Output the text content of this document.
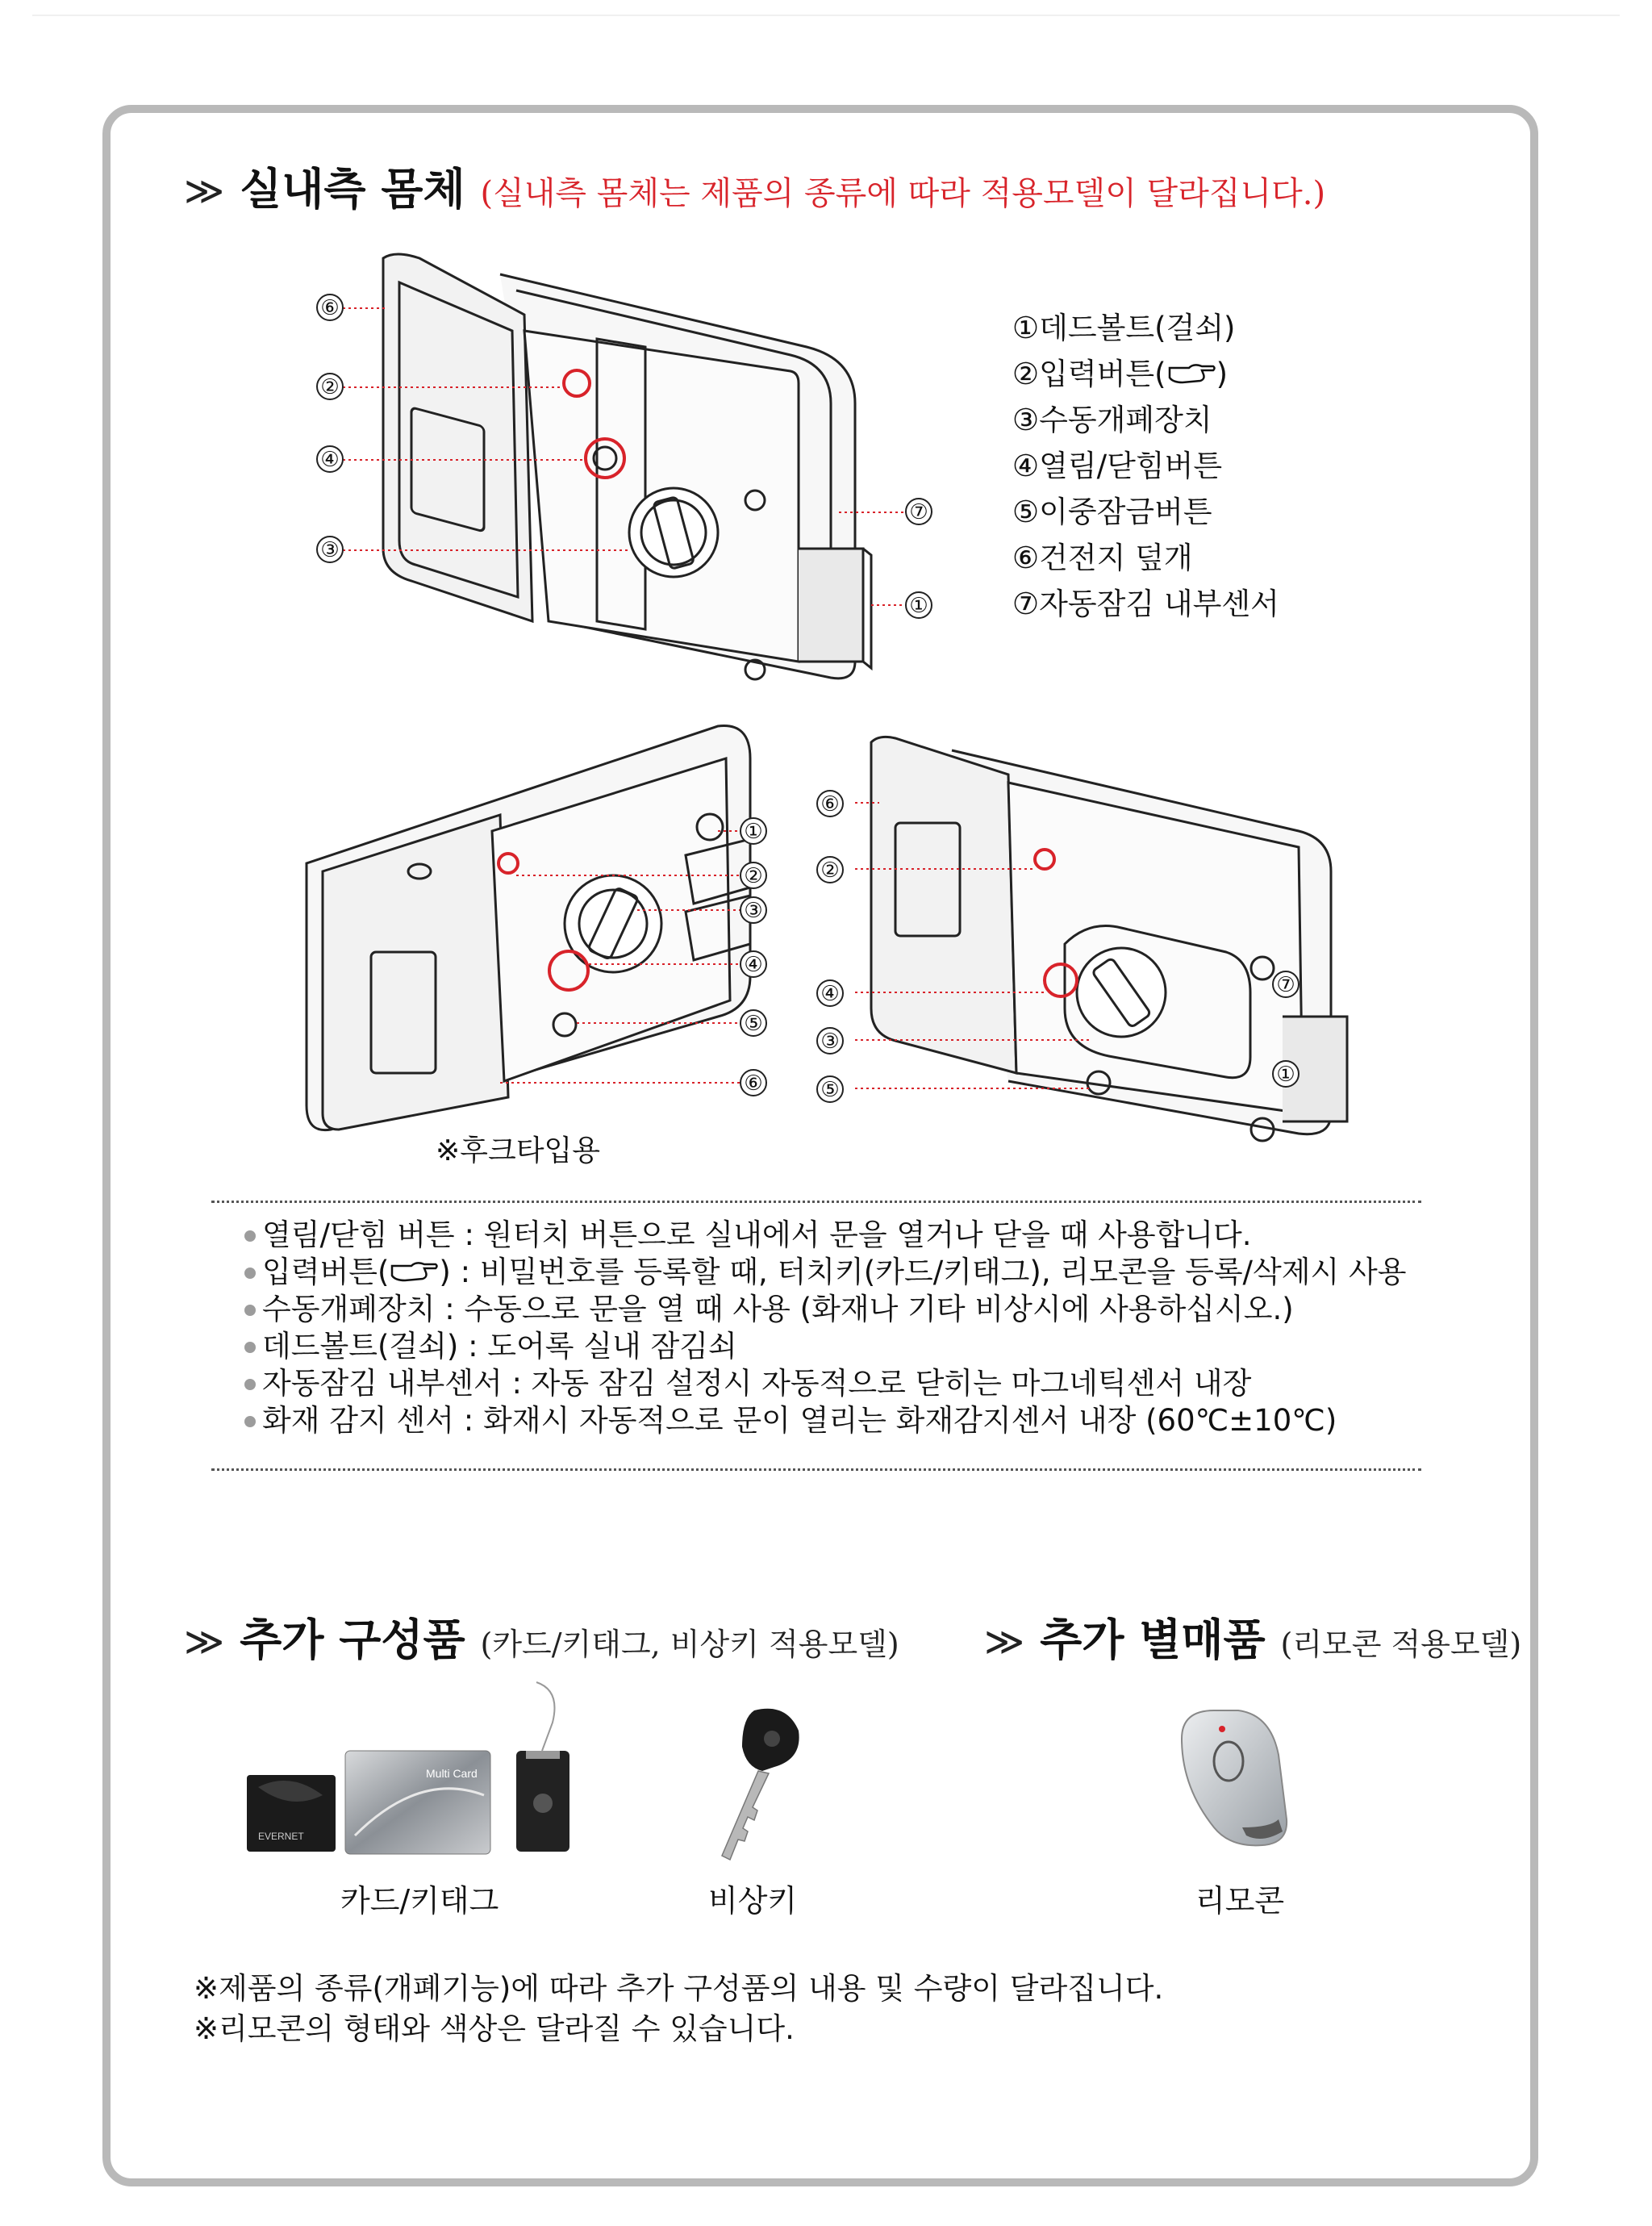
≫ 실내측 몸체 (실내측 몸체는 제품의 종류에 따라 적용모델이 달라집니다.)
⑥
②
④
③
⑦
①
①데드볼트(걸쇠)
②입력버튼( )
③수동개폐장치
④열림/닫힘버튼
⑤이중잠금버튼
⑥건전지 덮개
⑦자동잠김 내부센서
①
②
③
④
⑤
⑥
※후크타입용
⑥
②
④
③
⑤
⑦
①
열림/닫힘 버튼 : 원터치 버튼으로 실내에서 문을 열거나 닫을 때 사용합니다.
입력버튼( ) : 비밀번호를 등록할 때, 터치키(카드/키태그), 리모콘을 등록/삭제시 사용
수동개폐장치 : 수동으로 문을 열 때 사용 (화재나 기타 비상시에 사용하십시오.)
데드볼트(걸쇠) : 도어록 실내 잠김쇠
자동잠김 내부센서 : 자동 잠김 설정시 자동적으로 닫히는 마그네틱센서 내장
화재 감지 센서 : 화재시 자동적으로 문이 열리는 화재감지센서 내장 (60℃±10℃)
≫ 추가 구성품 (카드/키태그, 비상키 적용모델) ≫ 추가 별매품 (리모콘 적용모델)
EVERNET
Multi Card
카드/키태그	비상키	리모콘
※제품의 종류(개폐기능)에 따라 추가 구성품의 내용 및 수량이 달라집니다.
※리모콘의 형태와 색상은 달라질 수 있습니다.
